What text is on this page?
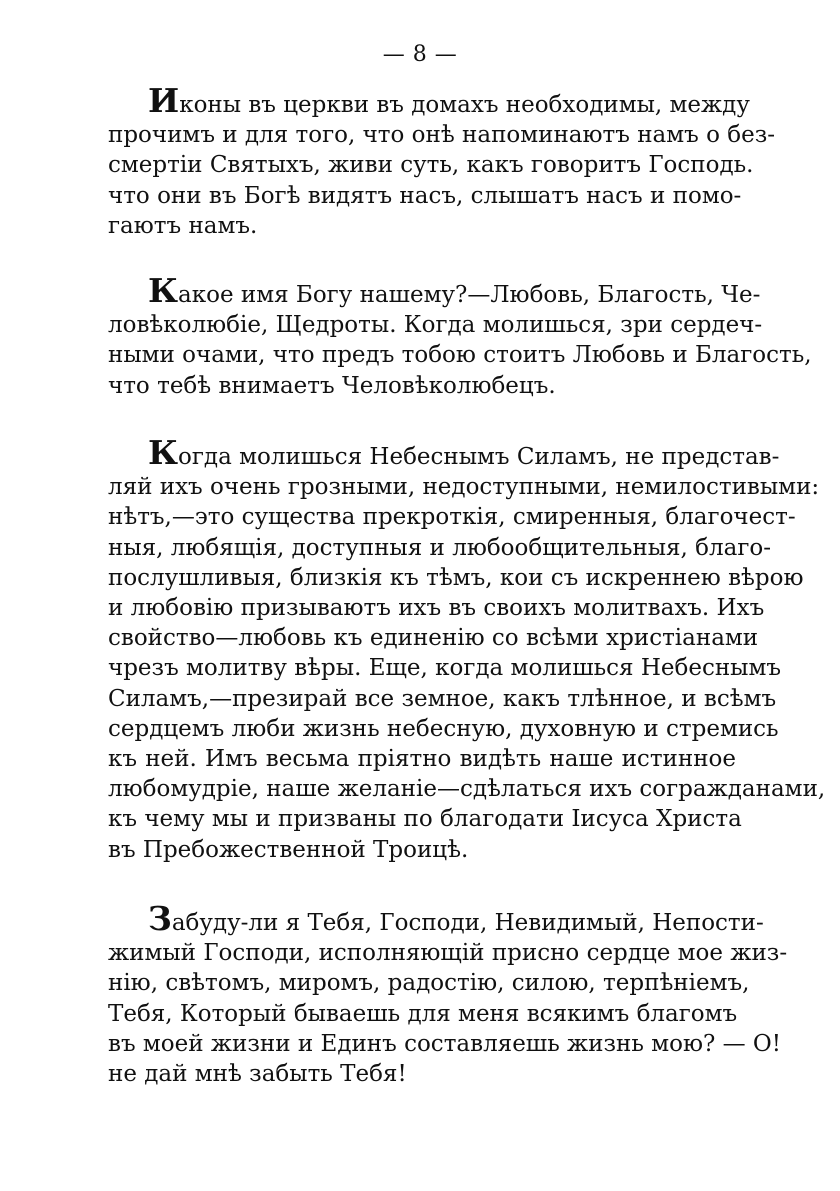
— 8 —
Иконы въ церкви въ домахъ необходимы, между
прочимъ и для того, что онѣ напоминаютъ намъ о без-
смертіи Святыхъ, живи суть, какъ говоритъ Господь.
что они въ Богѣ видятъ насъ, слышатъ насъ и помо-
гаютъ намъ.
Какое имя Богу нашему?—Любовь, Благость, Че-
ловѣколюбіе, Щедроты. Когда молишься, зри сердеч-
ными очами, что предъ тобою стоитъ Любовь и Благость,
что тебѣ внимаетъ Человѣколюбецъ.
Когда молишься Небеснымъ Силамъ, не представ-
ляй ихъ очень грозными, недоступными, немилостивыми:
нѣтъ,—это существа прекроткія, смиренныя, благочест-
ныя, любящія, доступныя и любообщительныя, благо-
послушливыя, близкія къ тѣмъ, кои съ искреннею вѣрою
и любовію призываютъ ихъ въ своихъ молитвахъ. Ихъ
свойство—любовь къ единенію со всѣми христіанами
чрезъ молитву вѣры. Еще, когда молишься Небеснымъ
Силамъ,—презирай все земное, какъ тлѣнное, и всѣмъ
сердцемъ люби жизнь небесную, духовную и стремись
къ ней. Имъ весьма пріятно видѣть наше истинное
любомудріе, наше желаніе—сдѣлаться ихъ согражданами,
къ чему мы и призваны по благодати Іисуса Христа
въ Пребожественной Троицѣ.
Забуду-ли я Тебя, Господи, Невидимый, Непости-
жимый Господи, исполняющій присно сердце мое жиз-
нію, свѣтомъ, миромъ, радостію, силою, терпѣніемъ,
Тебя, Который бываешь для меня всякимъ благомъ
въ моей жизни и Единъ составляешь жизнь мою? — О!
не дай мнѣ забыть Тебя!
